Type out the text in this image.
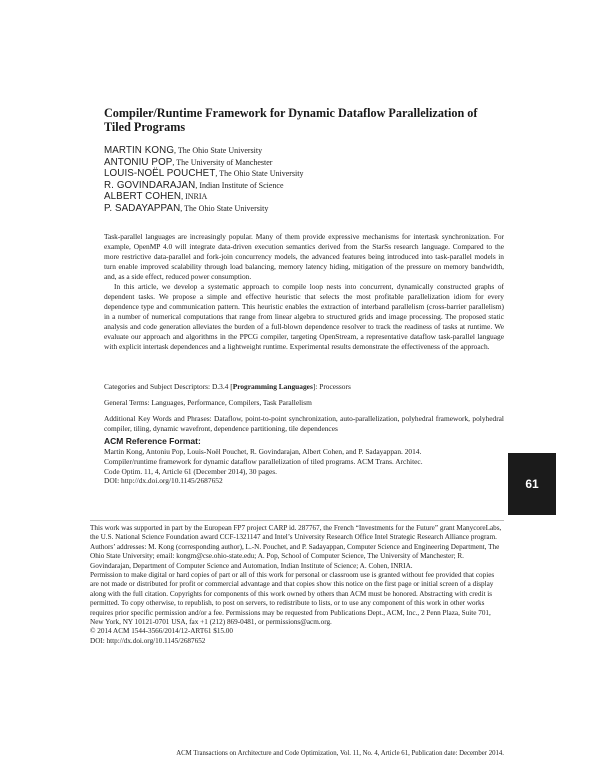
Compiler/Runtime Framework for Dynamic Dataflow Parallelization of Tiled Programs
MARTIN KONG, The Ohio State University
ANTONIU POP, The University of Manchester
LOUIS-NOËL POUCHET, The Ohio State University
R. GOVINDARAJAN, Indian Institute of Science
ALBERT COHEN, INRIA
P. SADAYAPPAN, The Ohio State University

Task-parallel languages are increasingly popular. Many of them provide expressive mechanisms for intertask synchronization. For example, OpenMP 4.0 will integrate data-driven execution semantics derived from the StarSs research language. Compared to the more restrictive data-parallel and fork-join concurrency models, the advanced features being introduced into task-parallel models in turn enable improved scalability through load balancing, memory latency hiding, mitigation of the pressure on memory bandwidth, and, as a side effect, reduced power consumption.

In this article, we develop a systematic approach to compile loop nests into concurrent, dynamically constructed graphs of dependent tasks. We propose a simple and effective heuristic that selects the most profitable parallelization idiom for every dependence type and communication pattern. This heuristic enables the extraction of interband parallelism (cross-barrier parallelism) in a number of numerical computations that range from linear algebra to structured grids and image processing. The proposed static analysis and code generation alleviates the burden of a full-blown dependence resolver to track the readiness of tasks at runtime. We evaluate our approach and algorithms in the PPCG compiler, targeting OpenStream, a representative dataflow task-parallel language with explicit intertask dependences and a lightweight runtime. Experimental results demonstrate the effectiveness of the approach.

Categories and Subject Descriptors: D.3.4 [Programming Languages]: Processors
General Terms: Languages, Performance, Compilers, Task Parallelism
Additional Key Words and Phrases: Dataflow, point-to-point synchronization, auto-parallelization, polyhedral framework, polyhedral compiler, tiling, dynamic wavefront, dependence partitioning, tile dependences
ACM Reference Format:
Martin Kong, Antoniu Pop, Louis-Noël Pouchet, R. Govindarajan, Albert Cohen, and P. Sadayappan. 2014.
Compiler/runtime framework for dynamic dataflow parallelization of tiled programs. ACM Trans. Architec.
Code Optim. 11, 4, Article 61 (December 2014), 30 pages.
DOI: http://dx.doi.org/10.1145/2687652	61

This work was supported in part by the European FP7 project CARP id. 287767, the French “Investments for the Future” grant ManycoreLabs, the U.S. National Science Foundation award CCF-1321147 and Intel’s University Research Office Intel Strategic Research Alliance program.

Authors’ addresses: M. Kong (corresponding author), L.-N. Pouchet, and P. Sadayappan, Computer Science and Engineering Department, The Ohio State University; email: kongm@cse.ohio-state.edu; A. Pop, School of Computer Science, The University of Manchester; R. Govindarajan, Department of Computer Science and Automation, Indian Institute of Science; A. Cohen, INRIA.

Permission to make digital or hard copies of part or all of this work for personal or classroom use is granted without fee provided that copies are not made or distributed for profit or commercial advantage and that copies show this notice on the first page or initial screen of a display along with the full citation. Copyrights for components of this work owned by others than ACM must be honored. Abstracting with credit is permitted. To copy otherwise, to republish, to post on servers, to redistribute to lists, or to use any component of this work in other works requires prior specific permission and/or a fee. Permissions may be requested from Publications Dept., ACM, Inc., 2 Penn Plaza, Suite 701, New York, NY 10121-0701 USA, fax +1 (212) 869-0481, or permissions@acm.org.

© 2014 ACM 1544-3566/2014/12-ART61 $15.00

DOI: http://dx.doi.org/10.1145/2687652

ACM Transactions on Architecture and Code Optimization, Vol. 11, No. 4, Article 61, Publication date: December 2014.
